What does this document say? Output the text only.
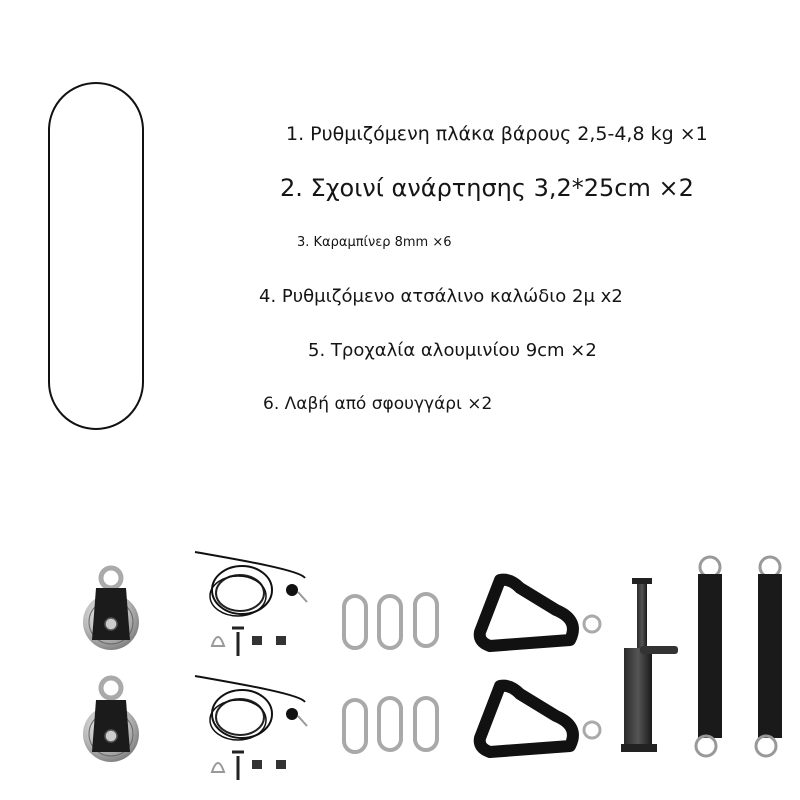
1. Ρυθμιζόμενη πλάκα βάρους 2,5-4,8 kg ×1
2. Σχοινί ανάρτησης 3,2*25cm ×2
3. Καραμπίνερ 8mm ×6
4. Ρυθμιζόμενο ατσάλινο καλώδιο 2μ x2
5. Τροχαλία αλουμινίου 9cm ×2
6. Λαβή από σφουγγάρι ×2
